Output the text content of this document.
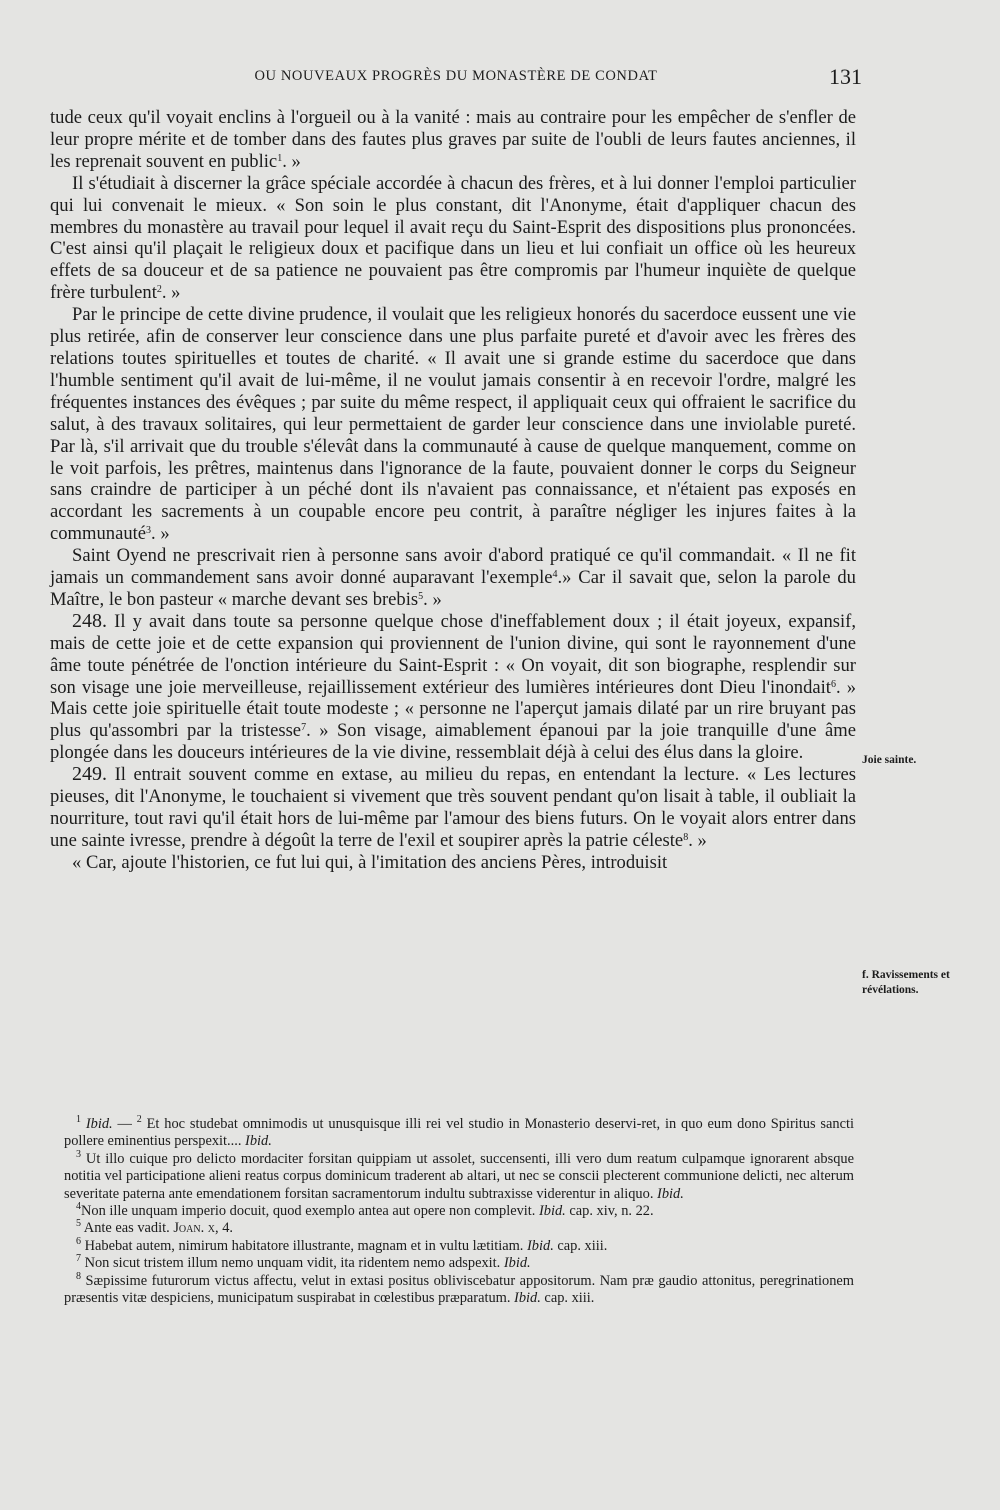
OU NOUVEAUX PROGRÈS DU MONASTÈRE DE CONDAT	131

tude ceux qu'il voyait enclins à l'orgueil ou à la vanité : mais au contraire pour les empêcher de s'enfler de leur propre mérite et de tomber dans des fautes plus graves par suite de l'oubli de leurs fautes anciennes, il les reprenait souvent en public$^1$. »

Il s'étudiait à discerner la grâce spéciale accordée à chacun des frères, et à lui donner l'emploi particulier qui lui convenait le mieux. « Son soin le plus constant, dit l'Anonyme, était d'appliquer chacun des membres du monastère au travail pour lequel il avait reçu du Saint-Esprit des dispositions plus prononcées. C'est ainsi qu'il plaçait le religieux doux et pacifique dans un lieu et lui confiait un office où les heureux effets de sa douceur et de sa patience ne pouvaient pas être compromis par l'humeur inquiète de quelque frère turbulent$^2$. »

Par le principe de cette divine prudence, il voulait que les religieux honorés du sacerdoce eussent une vie plus retirée, afin de conserver leur conscience dans une plus parfaite pureté et d'avoir avec les frères des relations toutes spirituelles et toutes de charité. « Il avait une si grande estime du sacerdoce que dans l'humble sentiment qu'il avait de lui-même, il ne voulut jamais consentir à en recevoir l'ordre, malgré les fréquentes instances des évêques ; par suite du même respect, il appliquait ceux qui offraient le sacrifice du salut, à des travaux solitaires, qui leur permettaient de garder leur conscience dans une inviolable pureté. Par là, s'il arrivait que du trouble s'élevât dans la communauté à cause de quelque manquement, comme on le voit parfois, les prêtres, maintenus dans l'ignorance de la faute, pouvaient donner le corps du Seigneur sans craindre de participer à un péché dont ils n'avaient pas connaissance, et n'étaient pas exposés en accordant les sacrements à un coupable encore peu contrit, à paraître négliger les injures faites à la communauté$^3$. »

Saint Oyend ne prescrivait rien à personne sans avoir d'abord pratiqué ce qu'il commandait. « Il ne fit jamais un commandement sans avoir donné auparavant l'exemple$^4$.» Car il savait que, selon la parole du Maître, le bon pasteur « marche devant ses brebis$^5$. »

248. Il y avait dans toute sa personne quelque chose d'ineffablement doux ; il était joyeux, expansif, mais de cette joie et de cette expansion qui proviennent de l'union divine, qui sont le rayonnement d'une âme toute pénétrée de l'onction intérieure du Saint-Esprit : « On voyait, dit son biographe, resplendir sur son visage une joie merveilleuse, rejaillissement extérieur des lumières intérieures dont Dieu l'inondait$^6$. » Mais cette joie spirituelle était toute modeste ; « personne ne l'aperçut jamais dilaté par un rire bruyant pas plus qu'assombri par la tristesse$^7$. » Son visage, aimablement épanoui par la joie tranquille d'une âme plongée dans les douceurs intérieures de la vie divine, ressemblait déjà à celui des élus dans la gloire.

249. Il entrait souvent comme en extase, au milieu du repas, en entendant la lecture. « Les lectures pieuses, dit l'Anonyme, le touchaient si vivement que très souvent pendant qu'on lisait à table, il oubliait la nourriture, tout ravi qu'il était hors de lui-même par l'amour des biens futurs. On le voyait alors entrer dans une sainte ivresse, prendre à dégoût la terre de l'exil et soupirer après la patrie céleste$^8$. »

« Car, ajoute l'historien, ce fut lui qui, à l'imitation des anciens Pères, introduisit

Joie sainte.
f. Ravissements et révélations.

$^1$ Ibid. — $^2$ Et hoc studebat omnimodis ut unusquisque illi rei vel studio in Monasterio deservi-ret, in quo eum dono Spiritus sancti pollere eminentius perspexit.... Ibid.

$^3$ Ut illo cuique pro delicto mordaciter forsitan quippiam ut assolet, succensenti, illi vero dum reatum culpamque ignorarent absque notitia vel participatione alieni reatus corpus dominicum traderent ab altari, ut nec se conscii plecterent communione delicti, nec alterum severitate paterna ante emendationem forsitan sacramentorum indultu subtraxisse viderentur in aliquo. Ibid.

$^4$Non ille unquam imperio docuit, quod exemplo antea aut opere non complevit. Ibid. cap. xiv, n. 22.

$^5$ Ante eas vadit. Joan. x, 4.

$^6$ Habebat autem, nimirum habitatore illustrante, magnam et in vultu lætitiam. Ibid. cap. xiii.

$^7$ Non sicut tristem illum nemo unquam vidit, ita ridentem nemo adspexit. Ibid.

$^8$ Sæpissime futurorum victus affectu, velut in extasi positus obliviscebatur appositorum. Nam præ gaudio attonitus, peregrinationem præsentis vitæ despiciens, municipatum suspirabat in cœlestibus præparatum. Ibid. cap. xiii.
